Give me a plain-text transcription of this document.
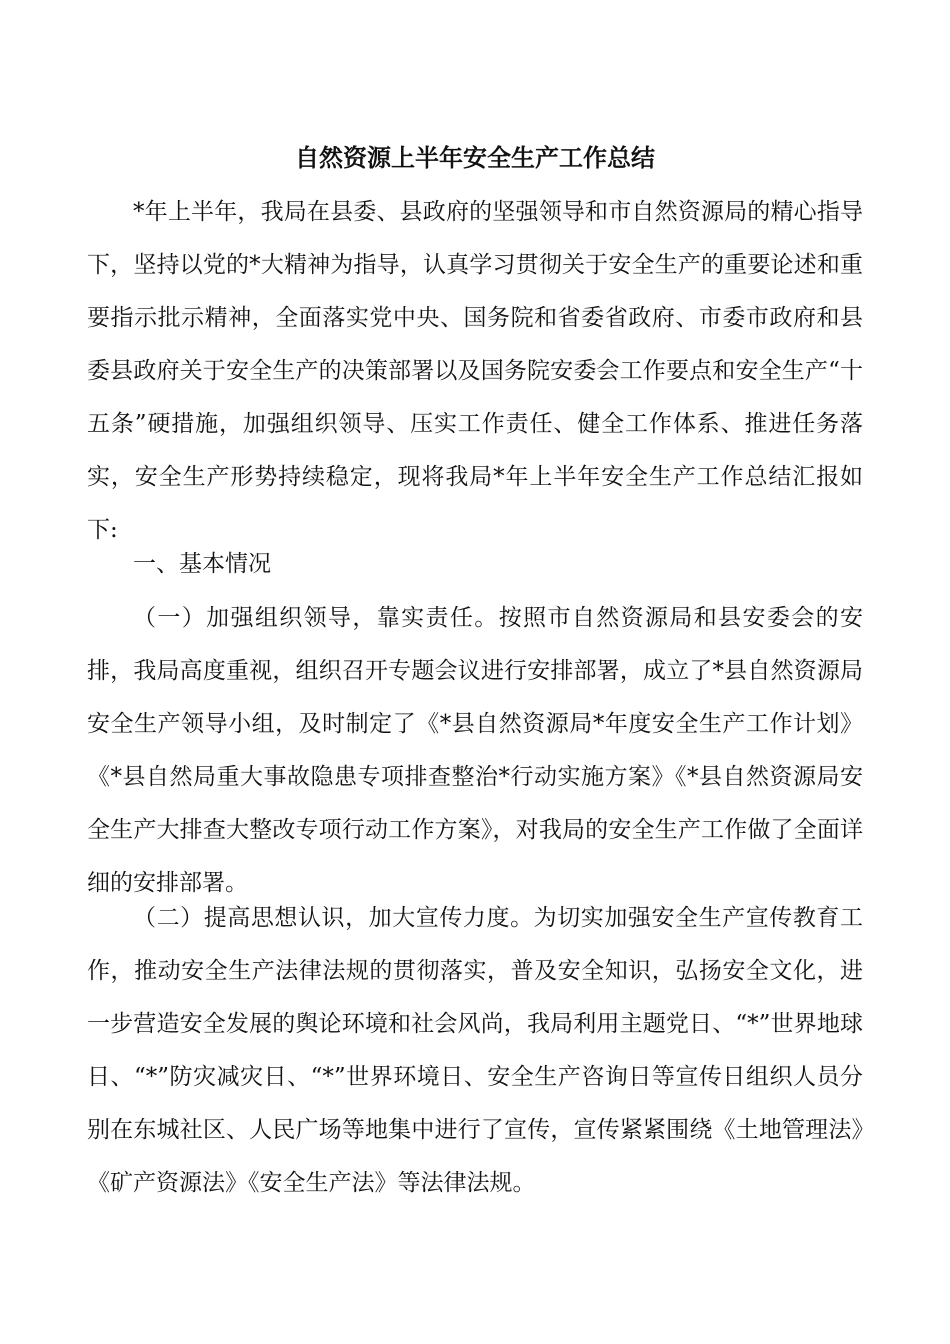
自然资源上半年安全生产工作总结

*年上半年，我局在县委、县政府的坚强领导和市自然资源局的精心指导下，坚持以党的*大精神为指导，认真学习贯彻关于安全生产的重要论述和重要指示批示精神，全面落实党中央、国务院和省委省政府、市委市政府和县委县政府关于安全生产的决策部署以及国务院安委会工作要点和安全生产“十五条”硬措施，加强组织领导、压实工作责任、健全工作体系、推进任务落实，安全生产形势持续稳定，现将我局*年上半年安全生产工作总结汇报如下:

一、基本情况

（一）加强组织领导，靠实责任。按照市自然资源局和县安委会的安排，我局高度重视，组织召开专题会议进行安排部署，成立了*县自然资源局安全生产领导小组，及时制定了《*县自然资源局*年度安全生产工作计划》《*县自然局重大事故隐患专项排查整治*行动实施方案》《*县自然资源局安全生产大排查大整改专项行动工作方案》，对我局的安全生产工作做了全面详细的安排部署。

（二）提高思想认识，加大宣传力度。为切实加强安全生产宣传教育工作，推动安全生产法律法规的贯彻落实，普及安全知识，弘扬安全文化，进一步营造安全发展的舆论环境和社会风尚，我局利用主题党日、“*”世界地球日、“*”防灾减灾日、“*”世界环境日、安全生产咨询日等宣传日组织人员分别在东城社区、人民广场等地集中进行了宣传，宣传紧紧围绕《土地管理法》《矿产资源法》《安全生产法》等法律法规。
